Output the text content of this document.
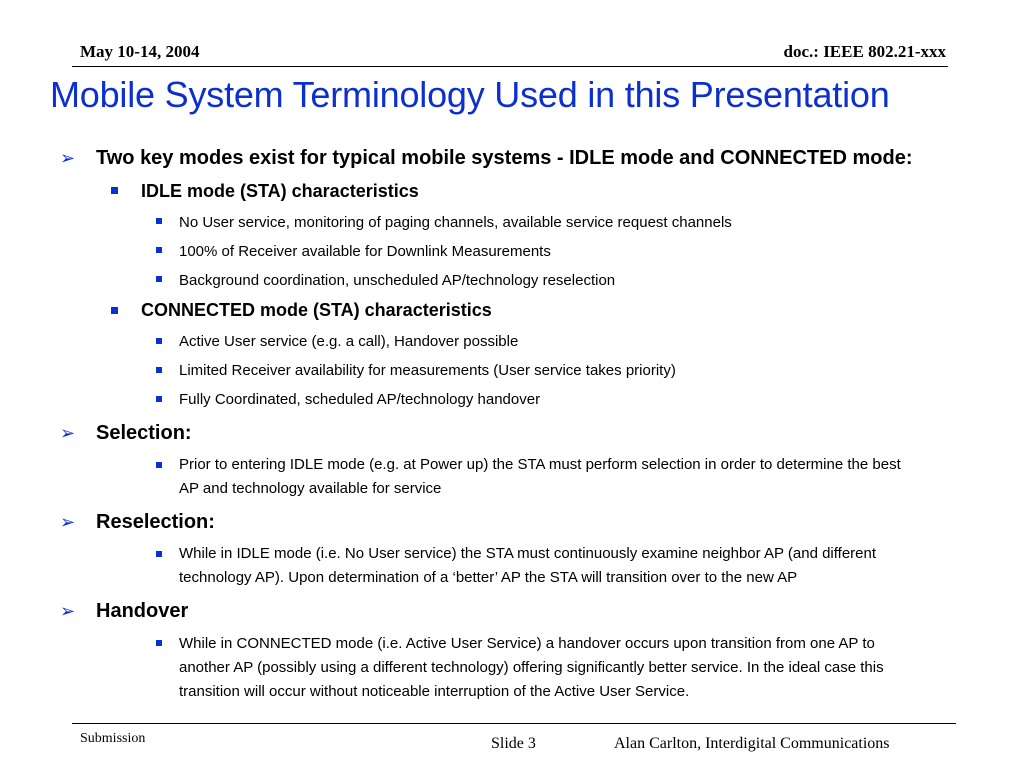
May 10-14, 2004	doc.: IEEE 802.21-xxx
Mobile System Terminology Used in this Presentation
➢ Two key modes exist for typical mobile systems - IDLE mode and CONNECTED mode:
IDLE mode (STA) characteristics
No User service, monitoring of paging channels, available service request channels
100% of Receiver available for Downlink Measurements
Background coordination, unscheduled AP/technology reselection
CONNECTED mode (STA) characteristics
Active User service (e.g. a call), Handover possible
Limited Receiver availability for measurements (User service takes priority)
Fully Coordinated, scheduled AP/technology handover
➢ Selection:
Prior to entering IDLE mode (e.g. at Power up) the STA must perform selection in order to determine the best
AP and technology available for service
➢ Reselection:
While in IDLE mode (i.e. No User service) the STA must continuously examine neighbor AP (and different
technology AP). Upon determination of a ‘better’ AP the STA will transition over to the new AP
➢ Handover
While in CONNECTED mode (i.e. Active User Service) a handover occurs upon transition from one AP to
another AP (possibly using a different technology) offering significantly better service. In the ideal case this
transition will occur without noticeable interruption of the Active User Service.
Submission	Slide 3	Alan Carlton, Interdigital Communications
